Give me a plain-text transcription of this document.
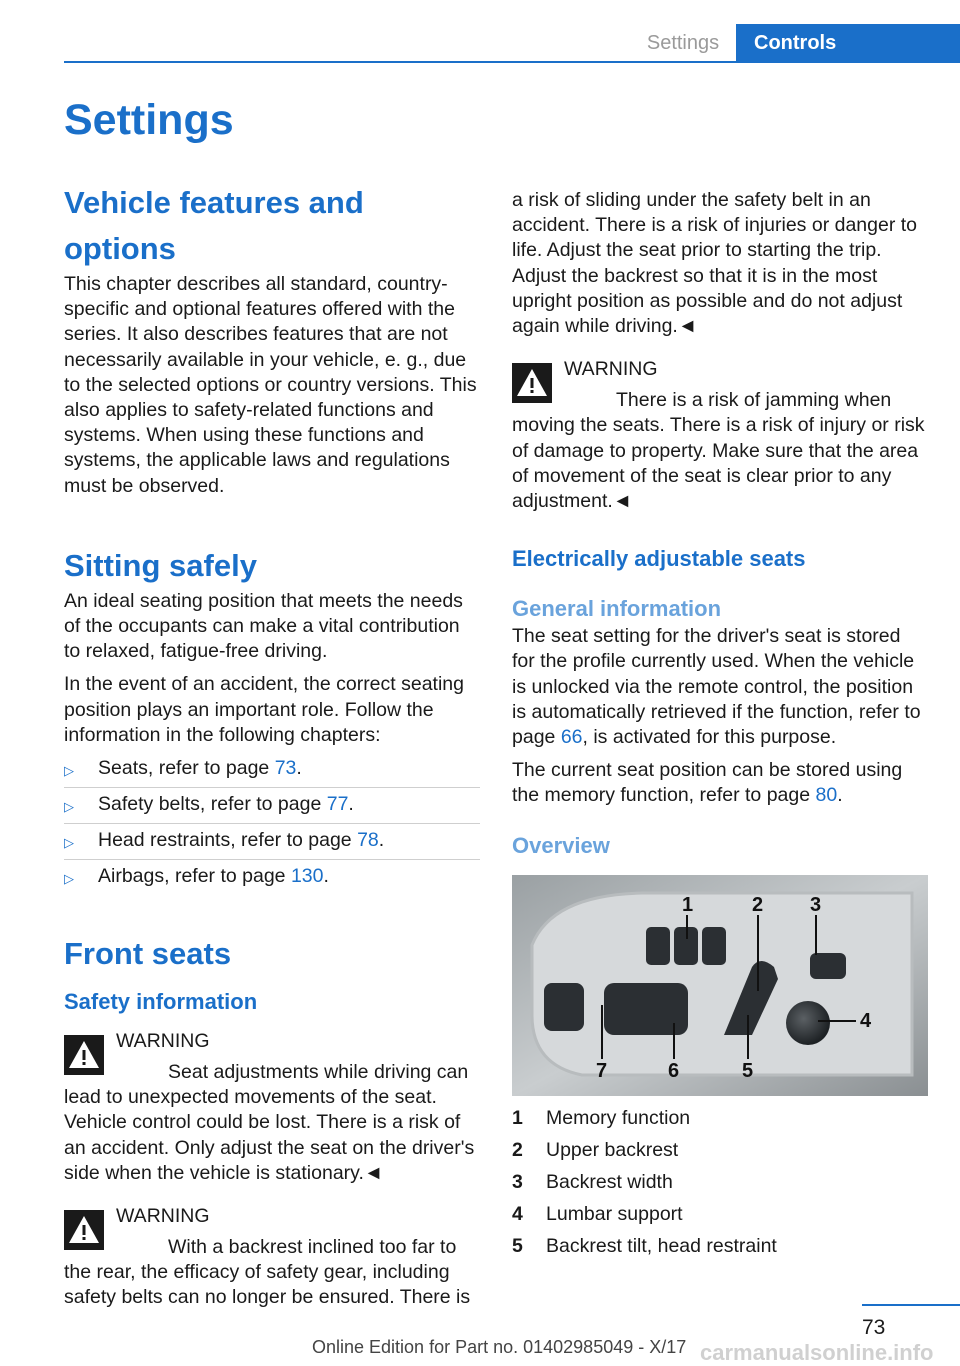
Settings	Controls
Settings
Vehicle features and options

This chapter describes all standard, country-specific and optional features offered with the series. It also describes features that are not necessarily available in your vehicle, e. g., due to the selected options or country versions. This also applies to safety-related functions and systems. When using these functions and systems, the applicable laws and regulations must be observed.

Sitting safely

An ideal seating position that meets the needs of the occupants can make a vital contribution to relaxed, fatigue-free driving.

In the event of an accident, the correct seating position plays an important role. Follow the information in the following chapters:

▷	Seats, refer to page 73.
▷	Safety belts, refer to page 77.
▷	Head restraints, refer to page 78.
▷	Airbags, refer to page 130.
Front seats
Safety information
WARNING

Seat adjustments while driving can lead to unexpected movements of the seat. Vehicle control could be lost. There is a risk of an accident. Only adjust the seat on the driver's side when the vehicle is stationary.◄

WARNING

With a backrest inclined too far to the rear, the efficacy of safety gear, including safety belts can no longer be ensured. There is

a risk of sliding under the safety belt in an accident. There is a risk of injuries or danger to life. Adjust the seat prior to starting the trip. Adjust the backrest so that it is in the most upright position as possible and do not adjust again while driving.◄

WARNING

There is a risk of jamming when moving the seats. There is a risk of injury or risk of damage to property. Make sure that the area of movement of the seat is clear prior to any adjustment.◄

Electrically adjustable seats
General information

The seat setting for the driver's seat is stored for the profile currently used. When the vehicle is unlocked via the remote control, the position is automatically retrieved if the function, refer to page 66, is activated for this purpose.

The current seat position can be stored using the memory function, refer to page 80.

Overview
1	2 3
4
5
6
7
1	Memory function
2	Upper backrest
3	Backrest width
4	Lumbar support
5	Backrest tilt, head restraint
73
Online Edition for Part no. 01402985049 - X/17 carmanualsonline.info
